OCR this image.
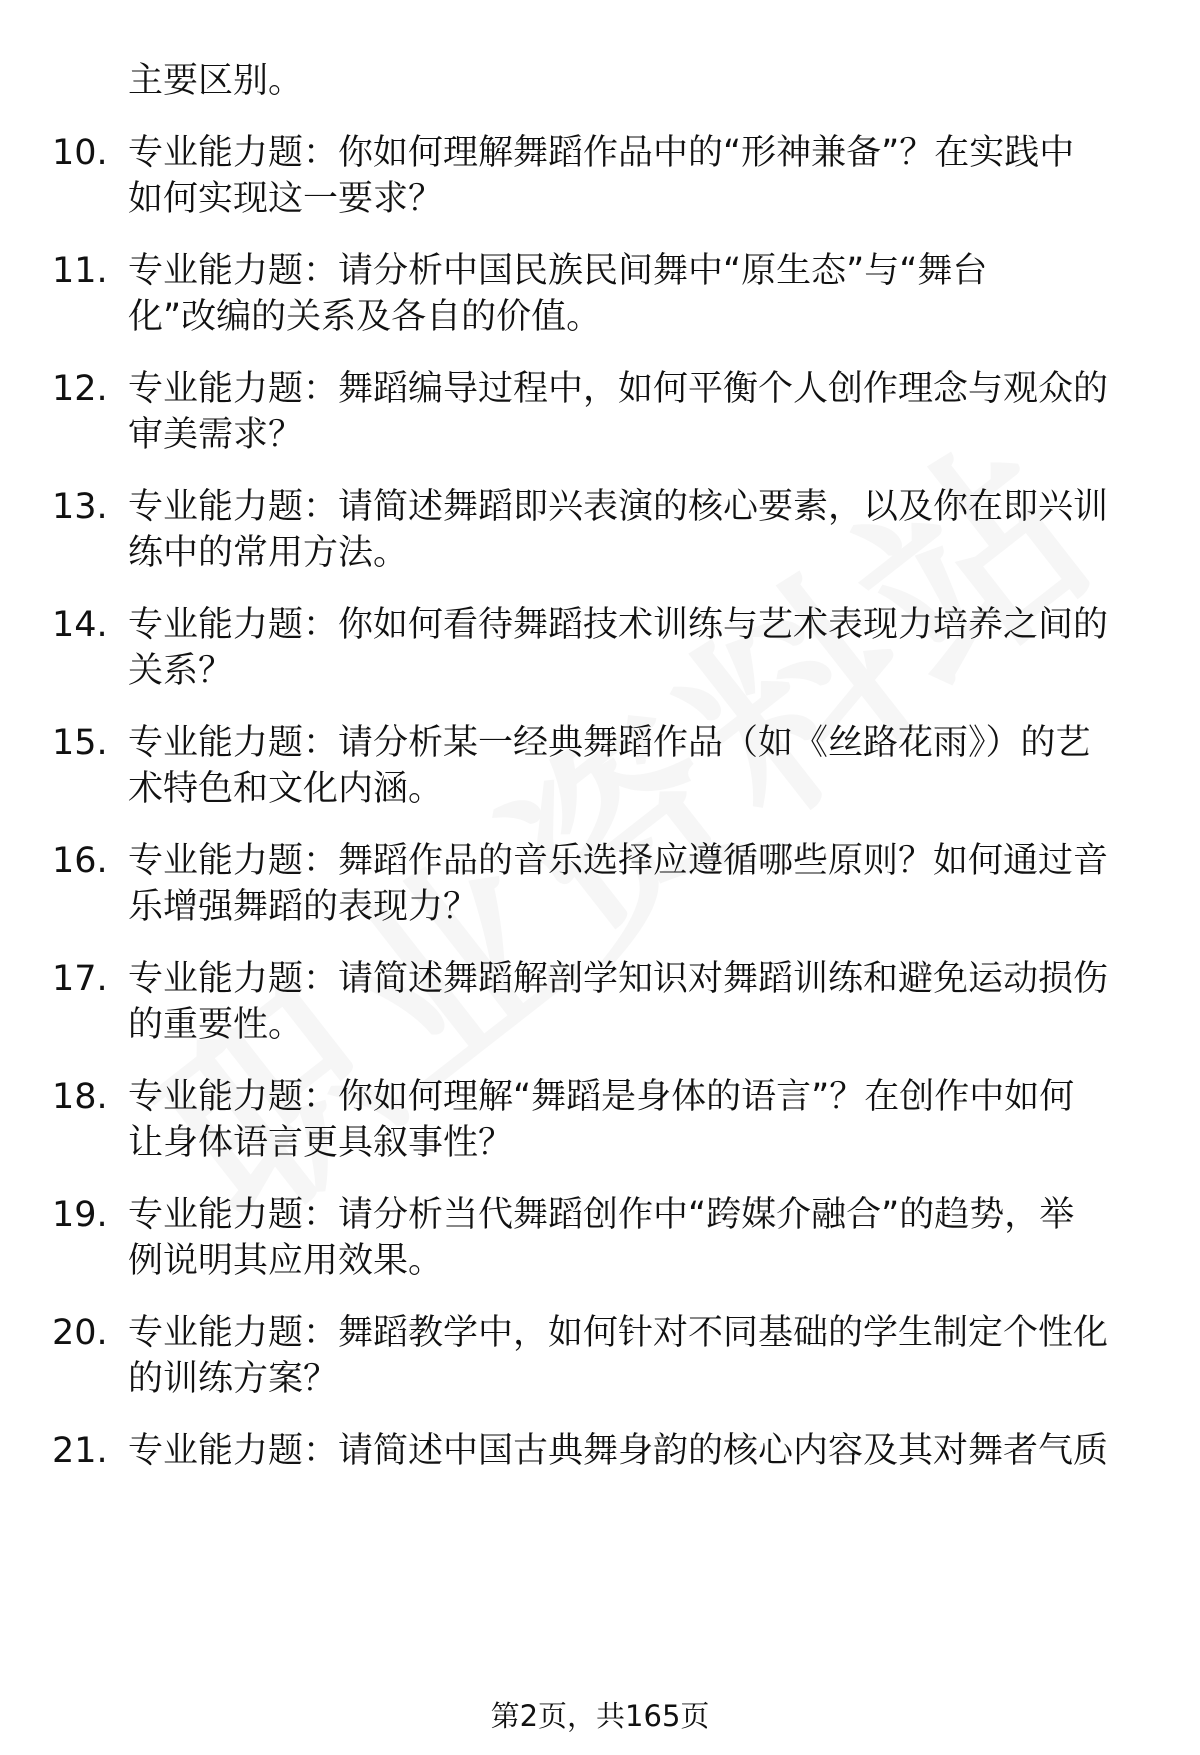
主要区别。
10. 专业能力题：你如何理解舞蹈作品中的“形神兼备”？在实践中
如何实现这一要求？
11. 专业能力题：请分析中国民族民间舞中“原生态”与“舞台
化”改编的关系及各自的价值。
12. 专业能力题：舞蹈编导过程中，如何平衡个人创作理念与观众的
审美需求？
13. 专业能力题：请简述舞蹈即兴表演的核心要素，以及你在即兴训
练中的常用方法。
14. 专业能力题：你如何看待舞蹈技术训练与艺术表现力培养之间的
关系？
15. 专业能力题：请分析某一经典舞蹈作品（如《丝路花雨》）的艺
术特色和文化内涵。
16. 专业能力题：舞蹈作品的音乐选择应遵循哪些原则？如何通过音
乐增强舞蹈的表现力？
17. 专业能力题：请简述舞蹈解剖学知识对舞蹈训练和避免运动损伤
的重要性。
18. 专业能力题：你如何理解“舞蹈是身体的语言”？在创作中如何
让身体语言更具叙事性？
19. 专业能力题：请分析当代舞蹈创作中“跨媒介融合”的趋势，举
例说明其应用效果。
20. 专业能力题：舞蹈教学中，如何针对不同基础的学生制定个性化
的训练方案？
21. 专业能力题：请简述中国古典舞身韵的核心内容及其对舞者气质
第2页，共165页
